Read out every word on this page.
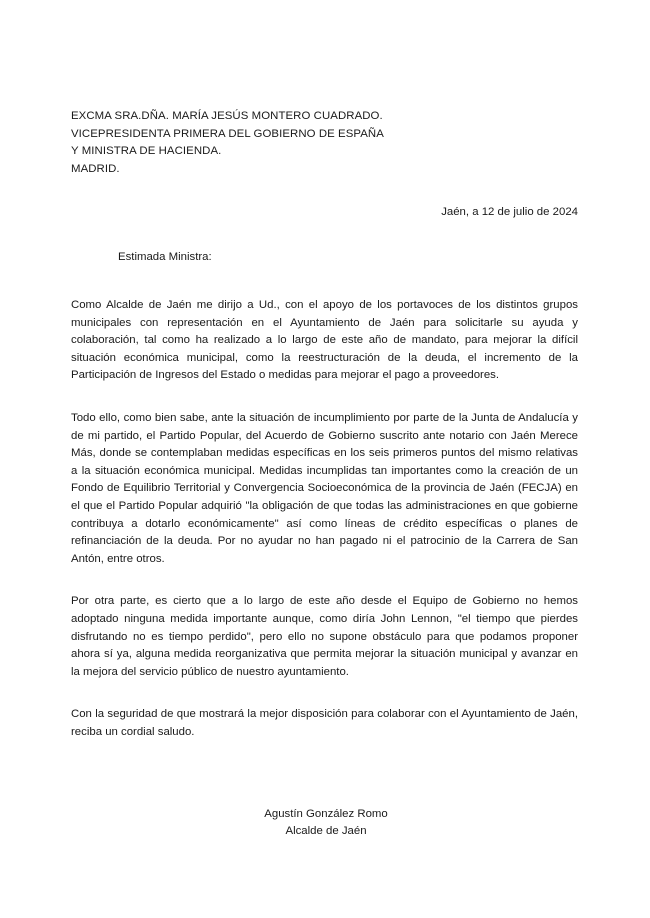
EXCMA SRA.DÑA. MARÍA JESÚS MONTERO CUADRADO.
VICEPRESIDENTA PRIMERA DEL GOBIERNO DE ESPAÑA
Y MINISTRA DE HACIENDA.
MADRID.
Jaén, a 12 de julio de 2024
Estimada Ministra:

Como Alcalde de Jaén me dirijo a Ud., con el apoyo de los portavoces de los distintos grupos municipales con representación en el Ayuntamiento de Jaén para solicitarle su ayuda y colaboración, tal como ha realizado a lo largo de este año de mandato, para mejorar la difícil situación económica municipal, como la reestructuración de la deuda, el incremento de la Participación de Ingresos del Estado o medidas para mejorar el pago a proveedores.

Todo ello, como bien sabe, ante la situación de incumplimiento por parte de la Junta de Andalucía y de mi partido, el Partido Popular, del Acuerdo de Gobierno suscrito ante notario con Jaén Merece Más, donde se contemplaban medidas específicas en los seis primeros puntos del mismo relativas a la situación económica municipal. Medidas incumplidas tan importantes como la creación de un Fondo de Equilibrio Territorial y Convergencia Socioeconómica de la provincia de Jaén (FECJA) en el que el Partido Popular adquirió "la obligación de que todas las administraciones en que gobierne contribuya a dotarlo económicamente" así como líneas de crédito específicas o planes de refinanciación de la deuda. Por no ayudar no han pagado ni el patrocinio de la Carrera de San Antón, entre otros.

Por otra parte, es cierto que a lo largo de este año desde el Equipo de Gobierno no hemos adoptado ninguna medida importante aunque, como diría John Lennon, "el tiempo que pierdes disfrutando no es tiempo perdido", pero ello no supone obstáculo para que podamos proponer ahora sí ya, alguna medida reorganizativa que permita mejorar la situación municipal y avanzar en la mejora del servicio público de nuestro ayuntamiento.

Con la seguridad de que mostrará la mejor disposición para colaborar con el Ayuntamiento de Jaén, reciba un cordial saludo.

Agustín González Romo
Alcalde de Jaén
